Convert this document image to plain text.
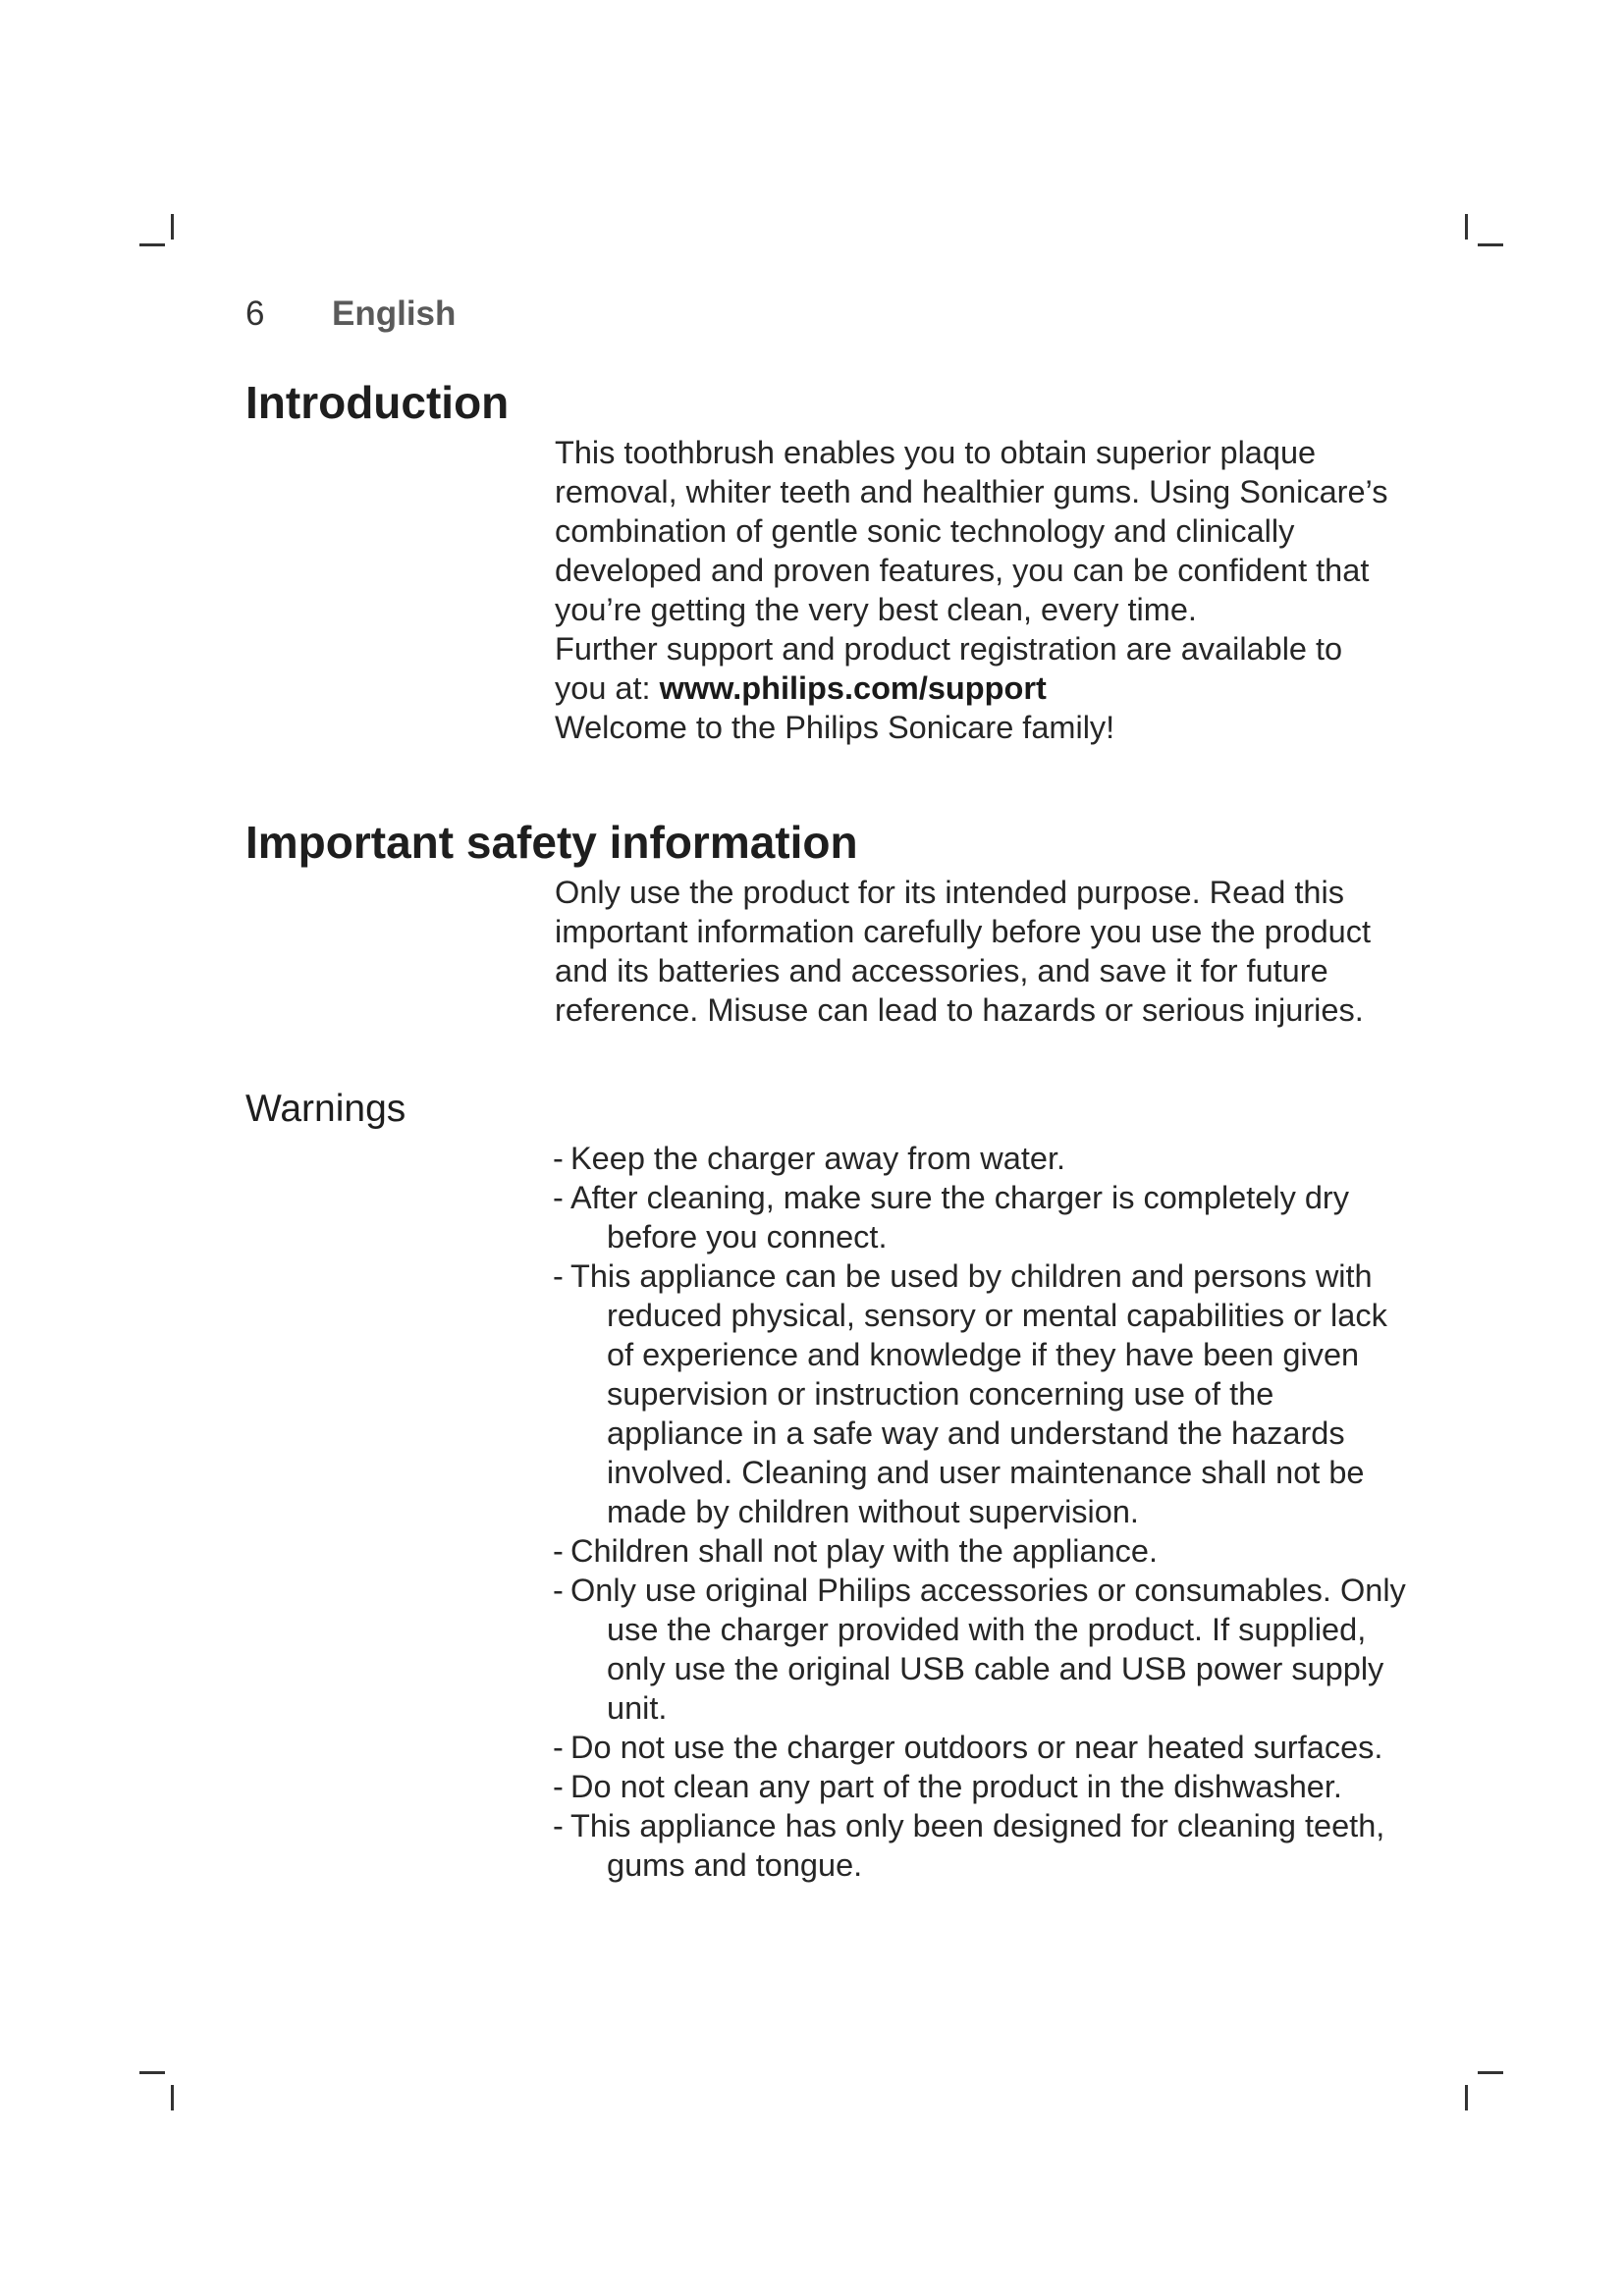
6 English
Introduction

This toothbrush enables you to obtain superior plaque removal, whiter teeth and healthier gums. Using Sonicare’s combination of gentle sonic technology and clinically developed and proven features, you can be confident that you’re getting the very best clean, every time.

Further support and product registration are available to you at: www.philips.com/support

Welcome to the Philips Sonicare family!

Important safety information

Only use the product for its intended purpose. Read this important information carefully before you use the product and its batteries and accessories, and save it for future reference. Misuse can lead to hazards or serious injuries.

Warnings
- Keep the charger away from water.
- After cleaning, make sure the charger is completely dry before you connect.
- This appliance can be used by children and persons with reduced physical, sensory or mental capabilities or lack of experience and knowledge if they have been given supervision or instruction concerning use of the appliance in a safe way and understand the hazards involved. Cleaning and user maintenance shall not be made by children without supervision.
- Children shall not play with the appliance.
- Only use original Philips accessories or consumables. Only use the charger provided with the product. If supplied, only use the original USB cable and USB power supply unit.
- Do not use the charger outdoors or near heated surfaces.
- Do not clean any part of the product in the dishwasher.
- This appliance has only been designed for cleaning teeth, gums and tongue.
